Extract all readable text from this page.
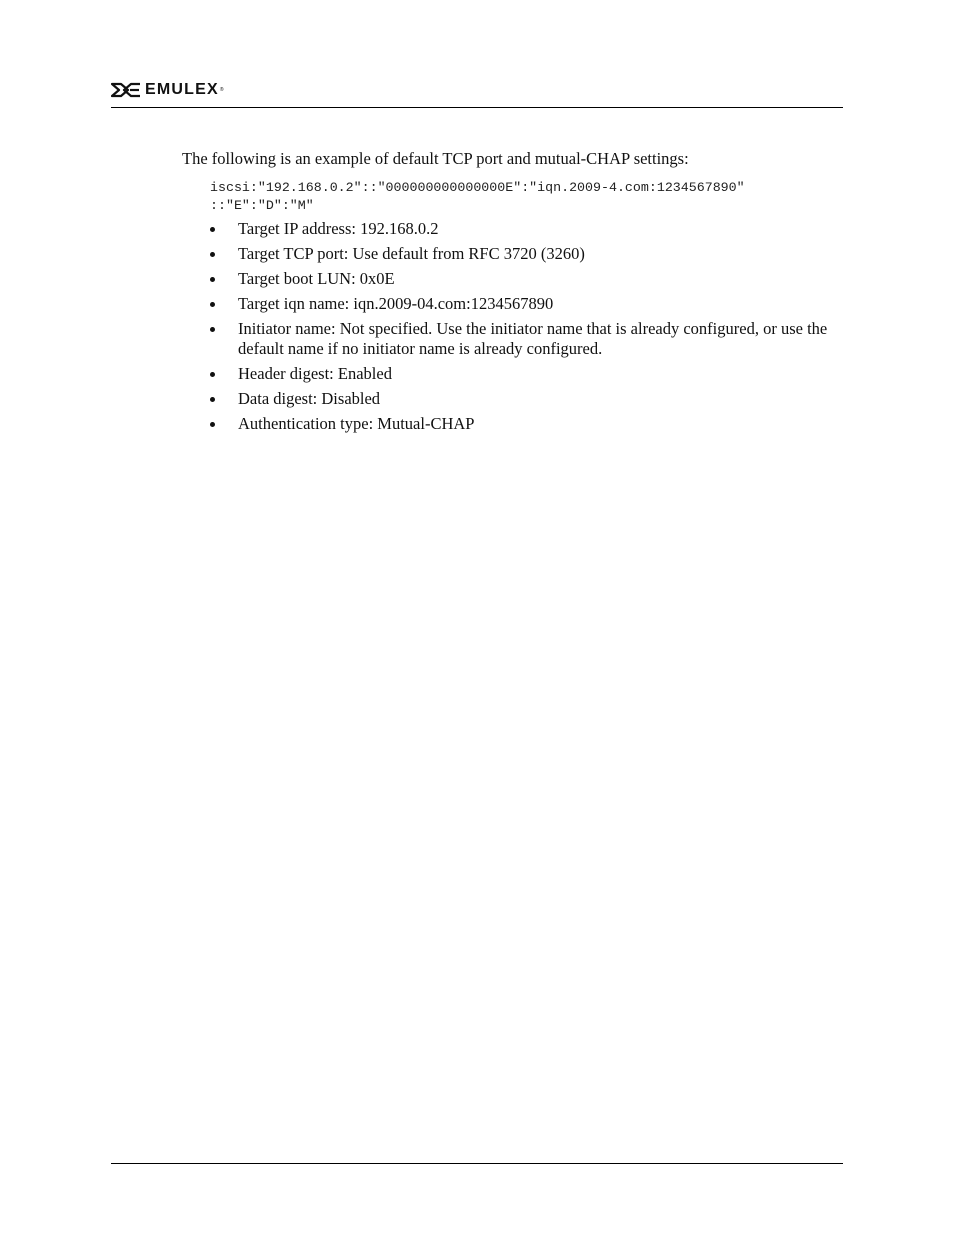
EMULEX ®
The following is an example of default TCP port and mutual-CHAP settings:
iscsi:"192.168.0.2"::"000000000000000E":"iqn.2009-4.com:1234567890"
::"E":"D":"M"
Target IP address: 192.168.0.2
Target TCP port: Use default from RFC 3720 (3260)
Target boot LUN: 0x0E
Target iqn name: iqn.2009-04.com:1234567890
Initiator name: Not specified. Use the initiator name that is already configured, or use the default name if no initiator name is already configured.
Header digest: Enabled
Data digest: Disabled
Authentication type: Mutual-CHAP
